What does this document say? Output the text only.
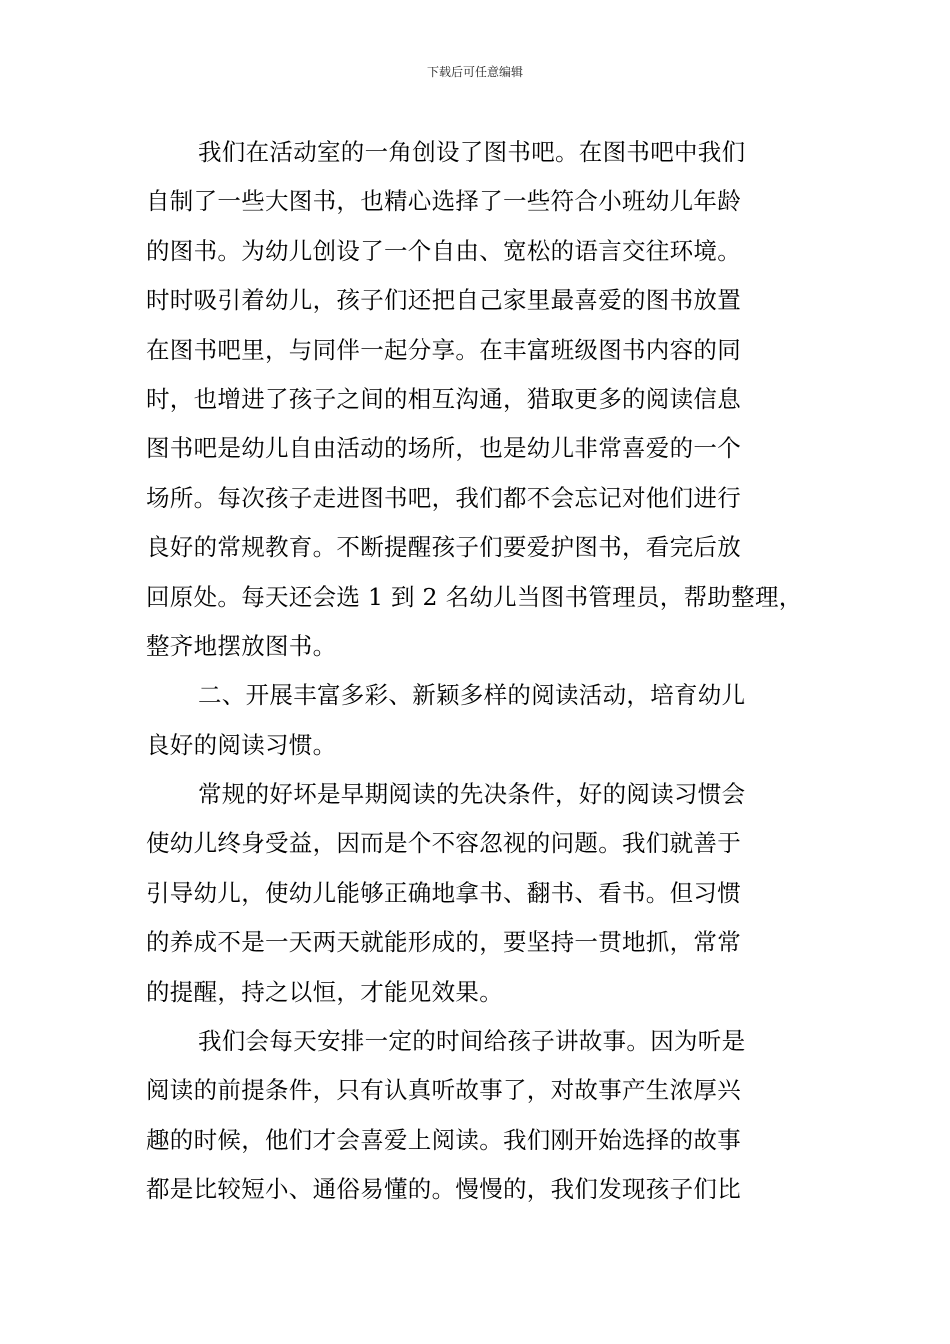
下载后可任意编辑
我们在活动室的一角创设了图书吧。在图书吧中我们
自制了一些大图书，也精心选择了一些符合小班幼儿年龄
的图书。为幼儿创设了一个自由、宽松的语言交往环境。
时时吸引着幼儿，孩子们还把自己家里最喜爱的图书放置
在图书吧里，与同伴一起分享。在丰富班级图书内容的同
时，也增进了孩子之间的相互沟通，猎取更多的阅读信息
图书吧是幼儿自由活动的场所，也是幼儿非常喜爱的一个
场所。每次孩子走进图书吧，我们都不会忘记对他们进行
良好的常规教育。不断提醒孩子们要爱护图书，看完后放
回原处。每天还会选 1 到 2 名幼儿当图书管理员，帮助整理，
整齐地摆放图书。
二、开展丰富多彩、新颖多样的阅读活动，培育幼儿
良好的阅读习惯。
常规的好坏是早期阅读的先决条件，好的阅读习惯会
使幼儿终身受益，因而是个不容忽视的问题。我们就善于
引导幼儿，使幼儿能够正确地拿书、翻书、看书。但习惯
的养成不是一天两天就能形成的，要坚持一贯地抓，常常
的提醒，持之以恒，才能见效果。
我们会每天安排一定的时间给孩子讲故事。因为听是
阅读的前提条件，只有认真听故事了，对故事产生浓厚兴
趣的时候，他们才会喜爱上阅读。我们刚开始选择的故事
都是比较短小、通俗易懂的。慢慢的，我们发现孩子们比
